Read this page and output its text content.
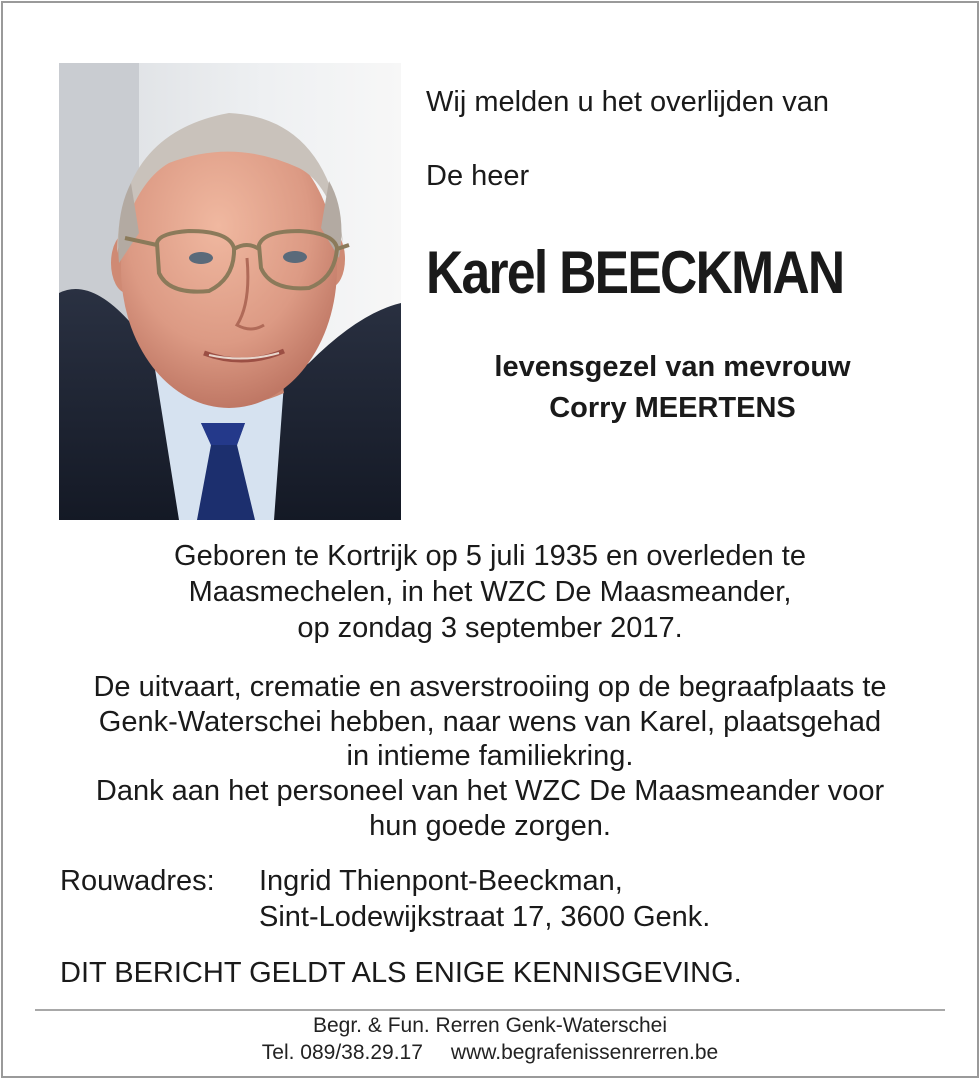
Wij melden u het overlijden van
De heer
Karel BEECKMAN
levensgezel van mevrouw
Corry MEERTENS
Geboren te Kortrijk op 5 juli 1935 en overleden te
Maasmechelen, in het WZC De Maasmeander,
op zondag 3 september 2017.
De uitvaart, crematie en asverstrooiing op de begraafplaats te
Genk-Waterschei hebben, naar wens van Karel, plaatsgehad
in intieme familiekring.
Dank aan het personeel van het WZC De Maasmeander voor
hun goede zorgen.
Rouwadres: Ingrid Thienpont-Beeckman,
Sint-Lodewijkstraat 17, 3600 Genk.
DIT BERICHT GELDT ALS ENIGE KENNISGEVING.
Begr. & Fun. Rerren Genk-Waterschei
Tel. 089/38.29.17 www.begrafenissenrerren.be
